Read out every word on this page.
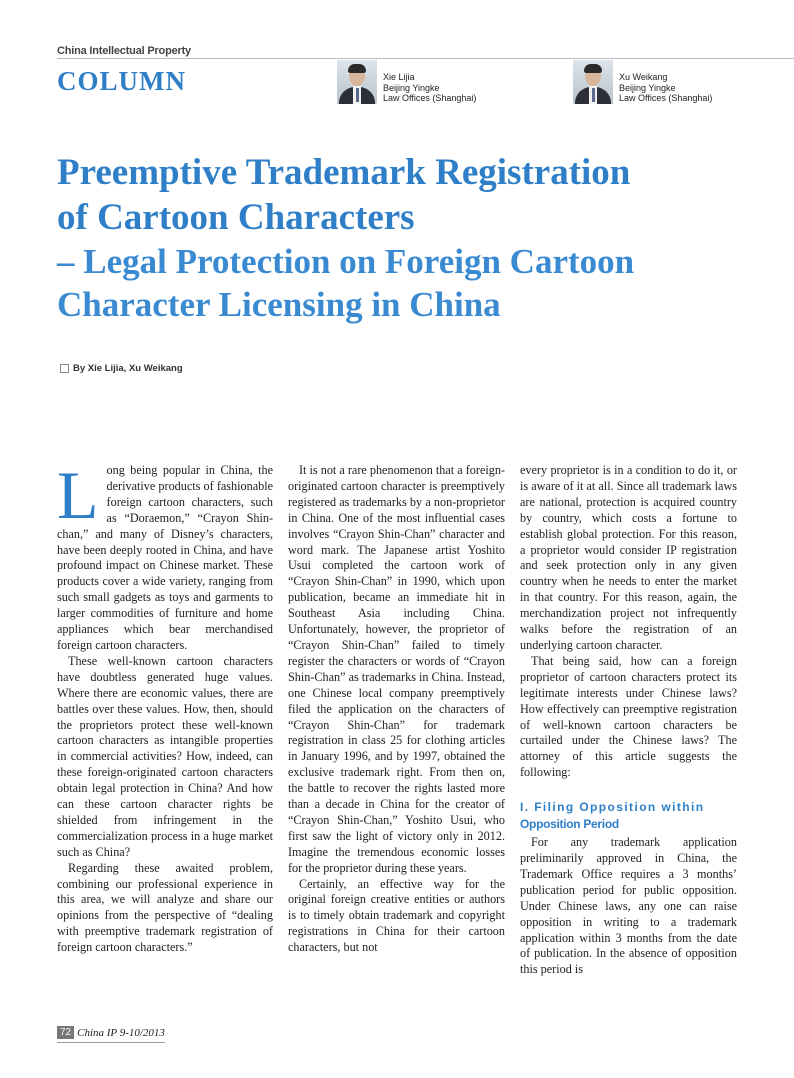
China Intellectual Property
COLUMN	Xie Lijia
Beijing Yingke
Law Offices (Shanghai)
Xu Weikang
Beijing Yingke
Law Offices (Shanghai)
Preemptive Trademark Registration
of Cartoon Characters
– Legal Protection on Foreign Cartoon
Character Licensing in China
By Xie Lijia, Xu Weikang
L ong being popular in China, the derivative products of fashionable foreign cartoon characters, such as “Doraemon,” “Crayon Shin-chan,” and many of Disney’s characters, have been deeply rooted in China, and have profound impact on Chinese market. These products cover a wide variety, ranging from such small gadgets as toys and garments to larger commodities of furniture and home appliances which bear merchandised foreign cartoon characters.

These well-known cartoon characters have doubtless generated huge values. Where there are economic values, there are battles over these values. How, then, should the proprietors protect these well-known cartoon characters as intangible properties in commercial activities? How, indeed, can these foreign-originated cartoon characters obtain legal protection in China? And how can these cartoon character rights be shielded from infringement in the commercialization process in a huge market such as China?

Regarding these awaited problem, combining our professional experience in this area, we will analyze and share our opinions from the perspective of “dealing with preemptive trademark registration of foreign cartoon characters.”

It is not a rare phenomenon that a foreign-originated cartoon character is preemptively registered as trademarks by a non-proprietor in China. One of the most influential cases involves “Crayon Shin-Chan” character and word mark. The Japanese artist Yoshito Usui completed the cartoon work of “Crayon Shin-Chan” in 1990, which upon publication, became an immediate hit in Southeast Asia including China. Unfortunately, however, the proprietor of “Crayon Shin-Chan” failed to timely register the characters or words of “Crayon Shin-Chan” as trademarks in China. Instead, one Chinese local company preemptively filed the application on the characters of “Crayon Shin-Chan” for trademark registration in class 25 for clothing articles in January 1996, and by 1997, obtained the exclusive trademark right. From then on, the battle to recover the rights lasted more than a decade in China for the creator of “Crayon Shin-Chan,” Yoshito Usui, who first saw the light of victory only in 2012. Imagine the tremendous economic losses for the proprietor during these years.

Certainly, an effective way for the original foreign creative entities or authors is to timely obtain trademark and copyright registrations in China for their cartoon characters, but not

every proprietor is in a condition to do it, or is aware of it at all. Since all trademark laws are national, protection is acquired country by country, which costs a fortune to establish global protection. For this reason, a proprietor would consider IP registration and seek protection only in any given country when he needs to enter the market in that country. For this reason, again, the merchandization project not infrequently walks before the registration of an underlying cartoon character.

That being said, how can a foreign proprietor of cartoon characters protect its legitimate interests under Chinese laws? How effectively can preemptive registration of well-known cartoon characters be curtailed under the Chinese laws? The attorney of this article suggests the following:

I. Filing Opposition within
Opposition Period

For any trademark application preliminarily approved in China, the Trademark Office requires a 3 months’ publication period for public opposition. Under Chinese laws, any one can raise opposition in writing to a trademark application within 3 months from the date of publication. In the absence of opposition this period is

72 China IP 9-10/2013
